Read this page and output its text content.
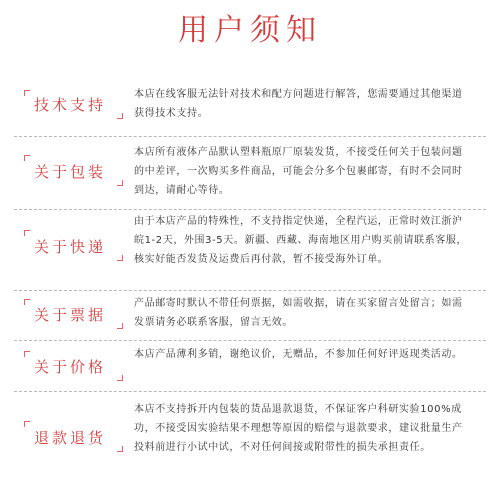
用户须知
技术支持
本店在线客服无法针对技术和配方问题进行解答，您需要通过其他渠道获得技术支持。
关于包装
本店所有液体产品默认塑料瓶原厂原装发货，不接受任何关于包装问题的中差评，一次购买多件商品，可能会分多个包裹邮寄，有时不会同时到达，请耐心等待。
关于快递
由于本店产品的特殊性，不支持指定快递，全程汽运，正常时效江浙沪皖1-2天，外围3-5天。新疆、西藏、海南地区用户购买前请联系客服，核实好能否发货及运费后再付款，暂不接受海外订单。
关于票据
产品邮寄时默认不带任何票据，如需收据，请在买家留言处留言；如需发票请务必联系客服，留言无效。
关于价格
本店产品薄利多销，谢绝议价，无赠品，不参加任何好评返现类活动。
退款退货
本店不支持拆开内包装的货品退款退货，不保证客户科研实验100%成功，不接受因实验结果不理想等原因的赔偿与退款要求，建议批量生产投料前进行小试中试，不对任何间接或附带性的损失承担责任。
